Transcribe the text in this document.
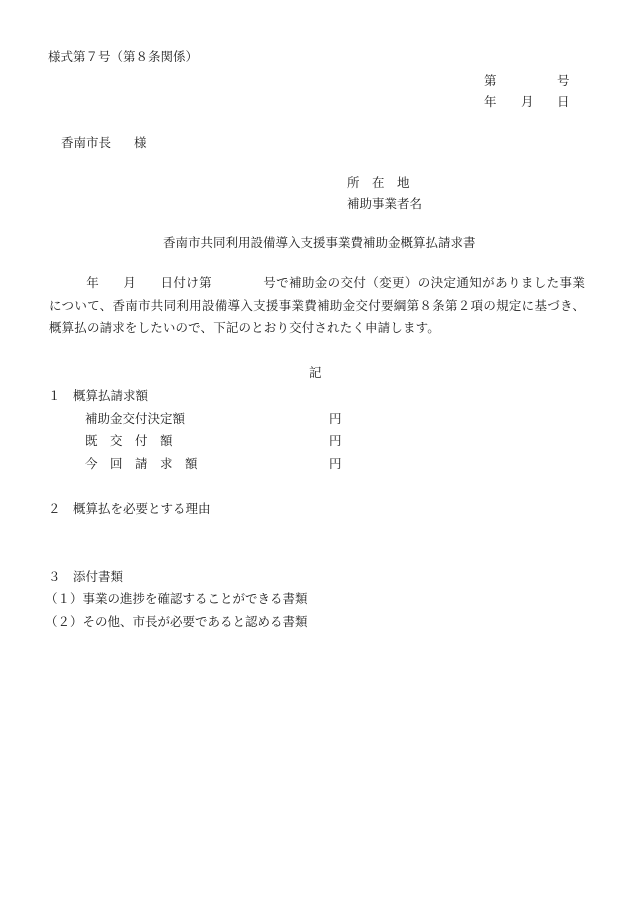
様式第７号（第８条関係）
第	号
年 月 日
香南市長 様
所　在　地
補助事業者名
香南市共同利用設備導入支援事業費補助金概算払請求書

年 月 日付け第	号で補助金の交付（変更）の決定通知がありました事業について、香南市共同利用設備導入支援事業費補助金交付要綱第８条第２項の規定に基づき、概算払の請求をしたいので、下記のとおり交付されたく申請します。

記
１　概算払請求額
補助金交付決定額	円
既　交　付　額	円
今　回　請　求　額	円
２　概算払を必要とする理由
３　添付書類
（１）事業の進捗を確認することができる書類
（２）その他、市長が必要であると認める書類
